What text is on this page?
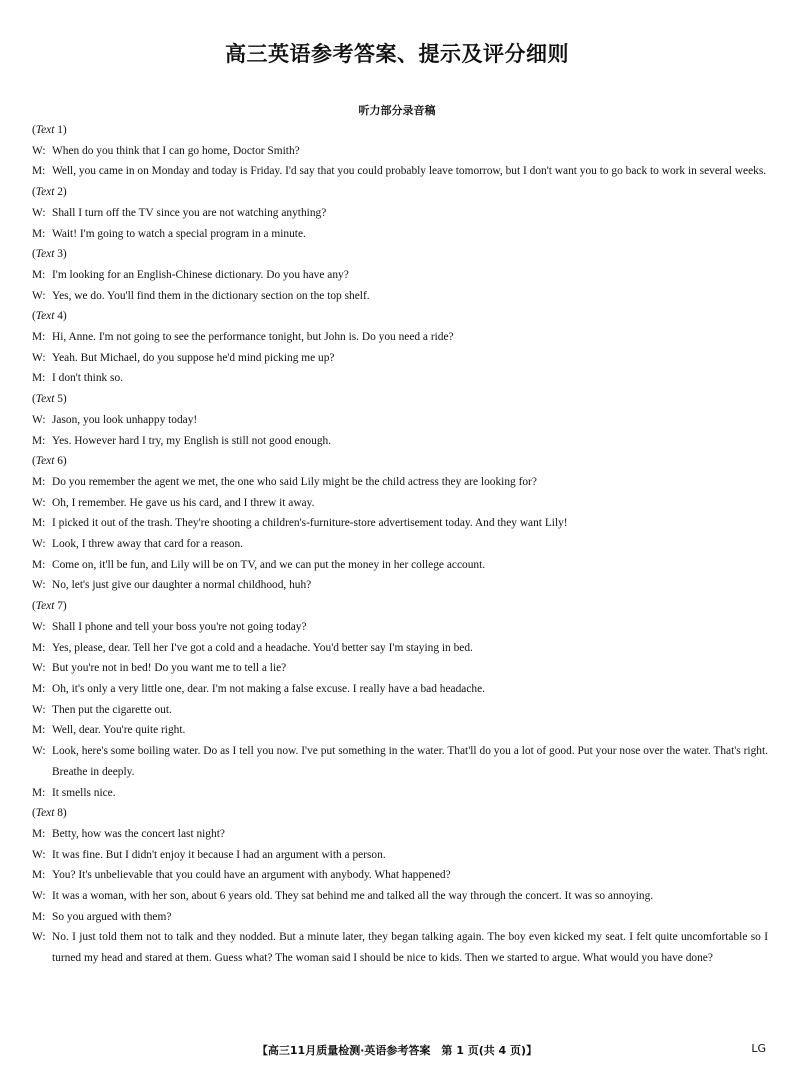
高三英语参考答案、提示及评分细则
听力部分录音稿
(Text 1)
W: When do you think that I can go home, Doctor Smith?
M: Well, you came in on Monday and today is Friday. I'd say that you could probably leave tomorrow, but I don't want you to go back to work in several weeks.
(Text 2)
W: Shall I turn off the TV since you are not watching anything?
M: Wait! I'm going to watch a special program in a minute.
(Text 3)
M: I'm looking for an English-Chinese dictionary. Do you have any?
W: Yes, we do. You'll find them in the dictionary section on the top shelf.
(Text 4)
M: Hi, Anne. I'm not going to see the performance tonight, but John is. Do you need a ride?
W: Yeah. But Michael, do you suppose he'd mind picking me up?
M: I don't think so.
(Text 5)
W: Jason, you look unhappy today!
M: Yes. However hard I try, my English is still not good enough.
(Text 6)
M: Do you remember the agent we met, the one who said Lily might be the child actress they are looking for?
W: Oh, I remember. He gave us his card, and I threw it away.
M: I picked it out of the trash. They're shooting a children's-furniture-store advertisement today. And they want Lily!
W: Look, I threw away that card for a reason.
M: Come on, it'll be fun, and Lily will be on TV, and we can put the money in her college account.
W: No, let's just give our daughter a normal childhood, huh?
(Text 7)
W: Shall I phone and tell your boss you're not going today?
M: Yes, please, dear. Tell her I've got a cold and a headache. You'd better say I'm staying in bed.
W: But you're not in bed! Do you want me to tell a lie?
M: Oh, it's only a very little one, dear. I'm not making a false excuse. I really have a bad headache.
W: Then put the cigarette out.
M: Well, dear. You're quite right.
W: Look, here's some boiling water. Do as I tell you now. I've put something in the water. That'll do you a lot of good. Put your nose over the water. That's right. Breathe in deeply.
M: It smells nice.
(Text 8)
M: Betty, how was the concert last night?
W: It was fine. But I didn't enjoy it because I had an argument with a person.
M: You? It's unbelievable that you could have an argument with anybody. What happened?
W: It was a woman, with her son, about 6 years old. They sat behind me and talked all the way through the concert. It was so annoying.
M: So you argued with them?
W: No. I just told them not to talk and they nodded. But a minute later, they began talking again. The boy even kicked my seat. I felt quite uncomfortable so I turned my head and stared at them. Guess what? The woman said I should be nice to kids. Then we started to argue. What would you have done?
【高三11月质量检测·英语参考答案　第 1 页(共 4 页)】	LG
